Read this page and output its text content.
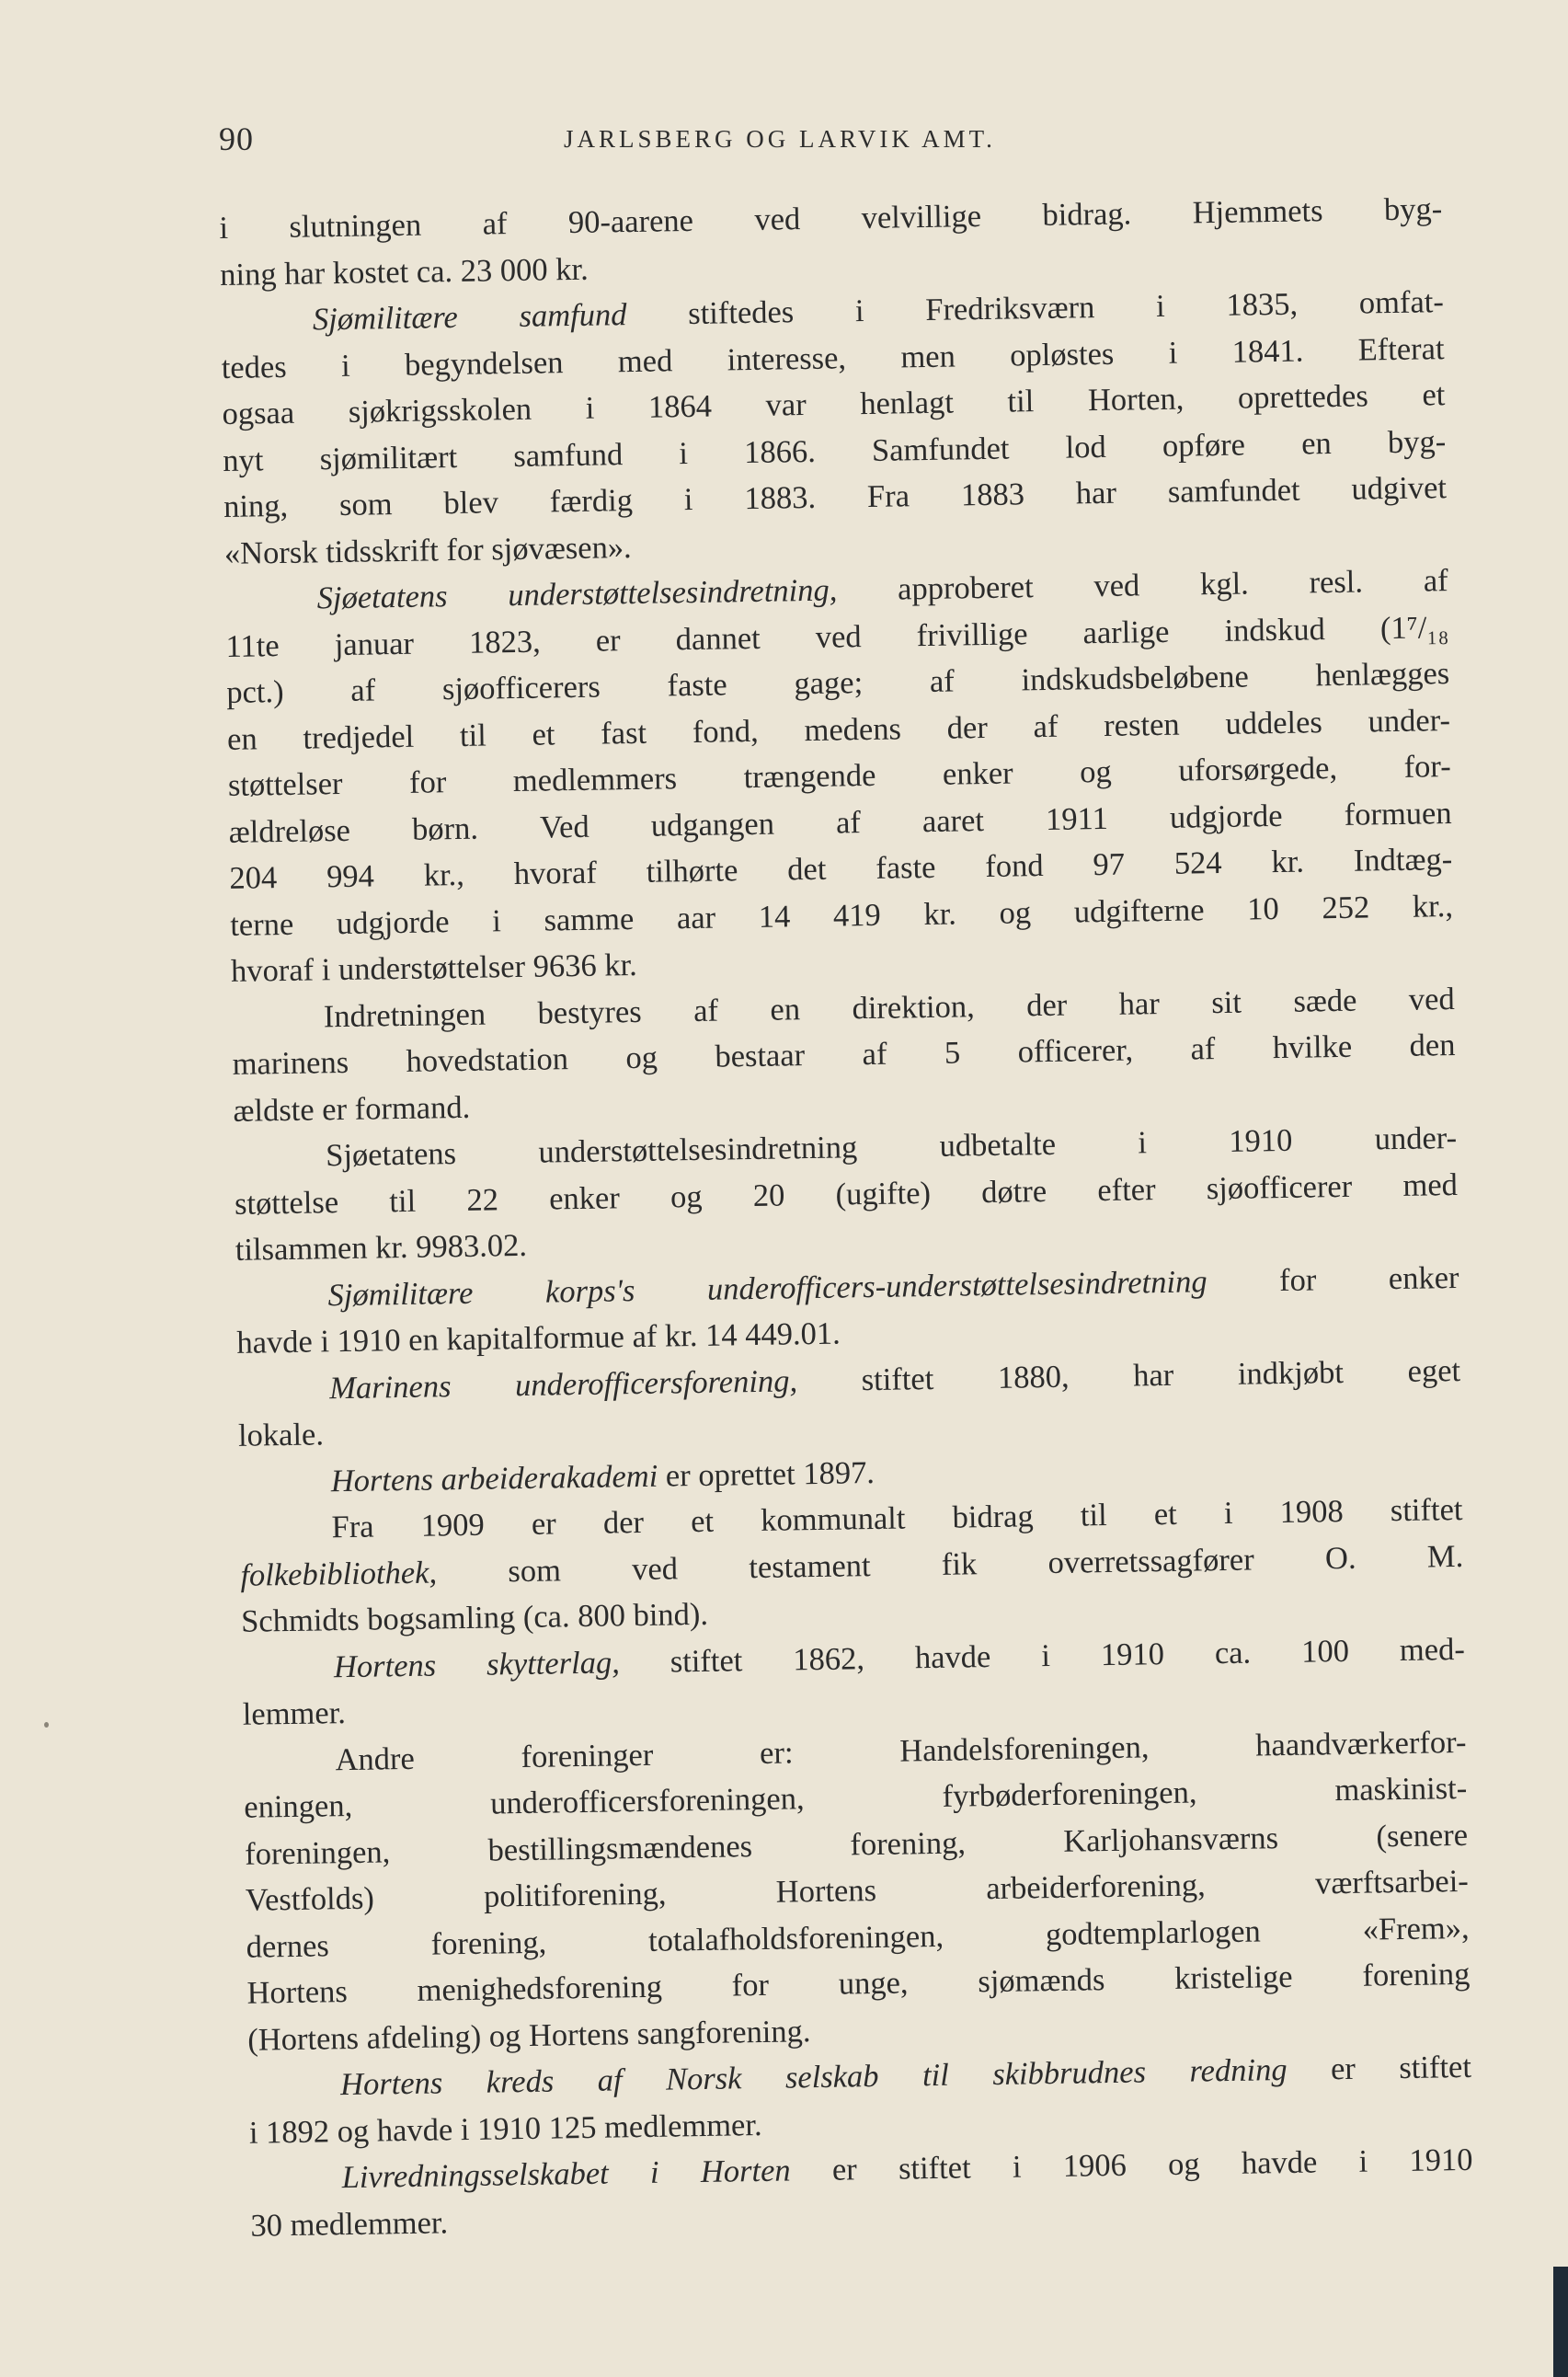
90	JARLSBERG OG LARVIK AMT.
i slutningen af 90-aarene ved velvillige bidrag. Hjemmets byg-
ning har kostet ca. 23 000 kr.
Sjømilitære samfund stiftedes i Fredriksværn i 1835, omfat-
tedes i begyndelsen med interesse, men opløstes i 1841. Efterat
ogsaa sjøkrigsskolen i 1864 var henlagt til Horten, oprettedes et
nyt sjømilitært samfund i 1866. Samfundet lod opføre en byg-
ning, som blev færdig i 1883. Fra 1883 har samfundet udgivet
«Norsk tidsskrift for sjøvæsen».
Sjøetatens understøttelsesindretning, approberet ved kgl. resl. af
11te januar 1823, er dannet ved frivillige aarlige indskud (1⁷/₁₈
pct.) af sjøofficerers faste gage; af indskudsbeløbene henlægges
en tredjedel til et fast fond, medens der af resten uddeles under-
støttelser for medlemmers trængende enker og uforsørgede, for-
ældreløse børn. Ved udgangen af aaret 1911 udgjorde formuen
204 994 kr., hvoraf tilhørte det faste fond 97 524 kr. Indtæg-
terne udgjorde i samme aar 14 419 kr. og udgifterne 10 252 kr.,
hvoraf i understøttelser 9636 kr.
Indretningen bestyres af en direktion, der har sit sæde ved
marinens hovedstation og bestaar af 5 officerer, af hvilke den
ældste er formand.
Sjøetatens	understøttelsesindretning	udbetalte	i	1910	under-
støttelse til 22 enker og 20 (ugifte) døtre efter sjøofficerer med
tilsammen kr. 9983.02.
Sjømilitære korps's underofficers-understøttelsesindretning for enker
havde i 1910 en kapitalformue af kr. 14 449.01.
Marinens underofficersforening, stiftet 1880, har indkjøbt eget
lokale.
Hortens arbeiderakademi er oprettet 1897.
Fra 1909 er der et kommunalt bidrag til et i 1908 stiftet
folkebibliothek, som ved testament fik overretssagfører O. M.
Schmidts bogsamling (ca. 800 bind).
Hortens skytterlag, stiftet 1862, havde i 1910 ca. 100 med-
lemmer.
Andre	foreninger	er:	Handelsforeningen,	haandværkerfor-
eningen,	underofficersforeningen,	fyrbøderforeningen,	maskinist-
foreningen,	bestillingsmændenes	forening,	Karljohansværns	(senere
Vestfolds)	politiforening,	Hortens	arbeiderforening,	værftsarbei-
dernes	forening,	totalafholdsforeningen,	godtemplarlogen	«Frem»,
Hortens menighedsforening for unge, sjømænds kristelige forening
(Hortens afdeling) og Hortens sangforening.
Hortens kreds af Norsk selskab til skibbrudnes redning er stiftet
i 1892 og havde i 1910 125 medlemmer.
Livredningsselskabet i Horten er stiftet i 1906 og havde i 1910
30 medlemmer.
